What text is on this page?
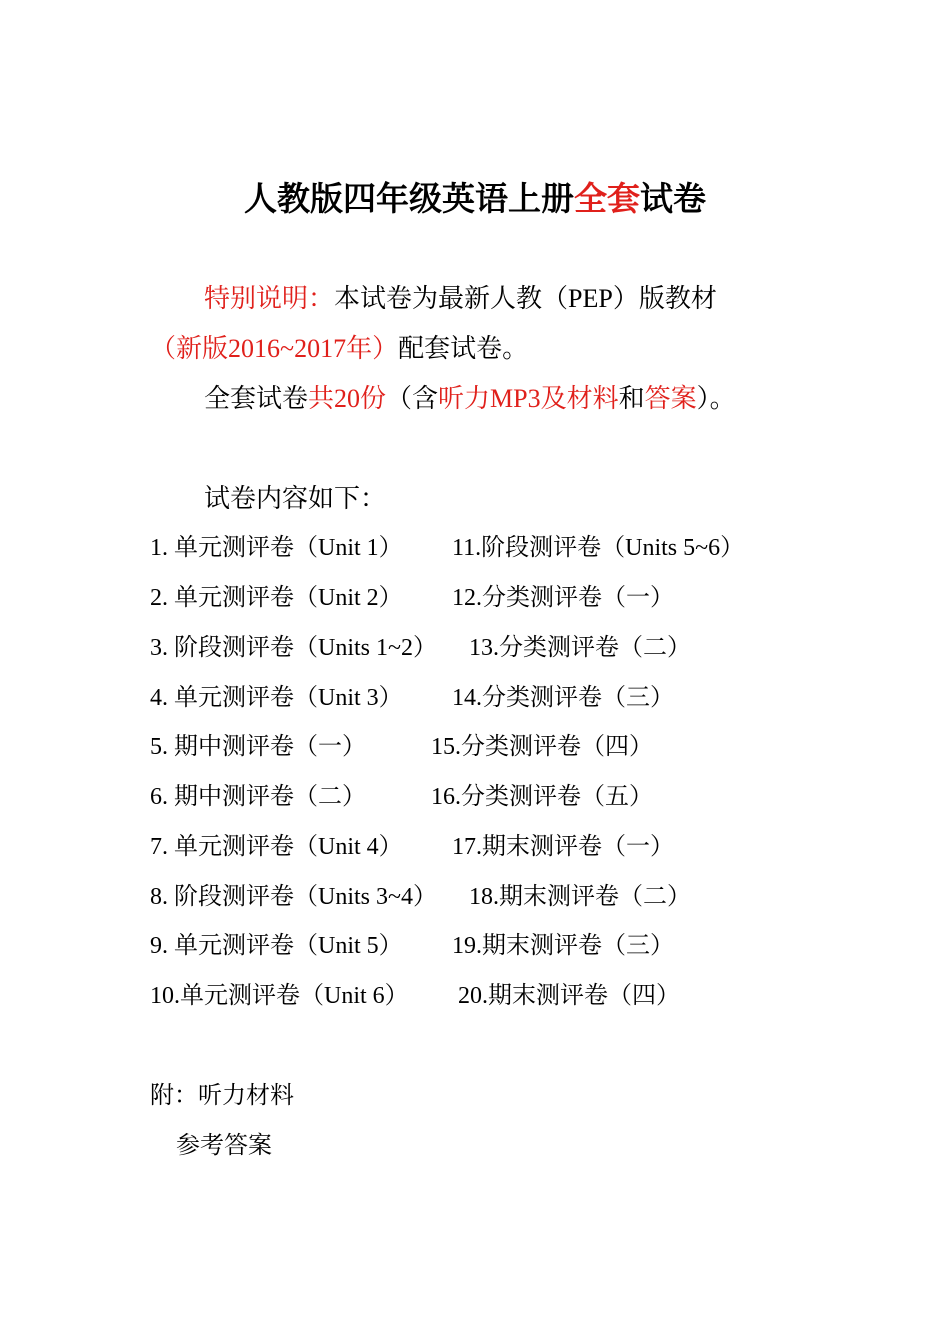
人教版四年级英语上册全套试卷
特别说明：本试卷为最新人教（PEP）版教材
（新版2016~2017年）配套试卷。
全套试卷共20份（含听力MP3及材料和答案）。
试卷内容如下：
1. 单元测评卷（Unit 1） 11.阶段测评卷（Units 5~6）
2. 单元测评卷（Unit 2） 12.分类测评卷（一）
3. 阶段测评卷（Units 1~2） 13.分类测评卷（二）
4. 单元测评卷（Unit 3） 14.分类测评卷（三）
5. 期中测评卷（一）	15.分类测评卷（四）
6. 期中测评卷（二）	16.分类测评卷（五）
7. 单元测评卷（Unit 4） 17.期末测评卷（一）
8. 阶段测评卷（Units 3~4） 18.期末测评卷（二）
9. 单元测评卷（Unit 5） 19.期末测评卷（三）
10.单元测评卷（Unit 6） 20.期末测评卷（四）
附：听力材料
参考答案
